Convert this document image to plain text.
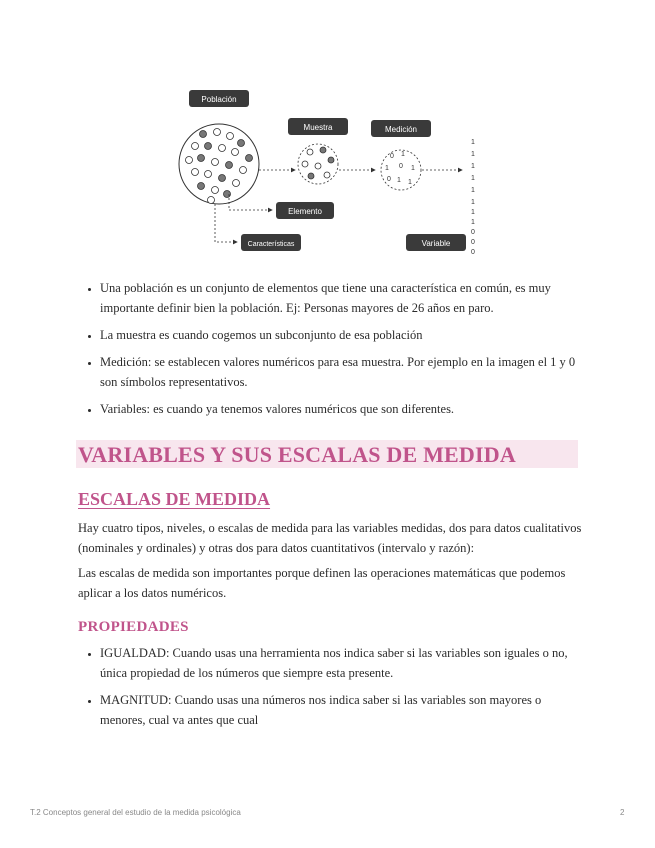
Población
Muestra	Medición
Elemento
Características	Variable
0 1
1 0 1
0 1 1
1
1
1
1
1
1
1
1
0
0
0
• Una población es un conjunto de elementos que tiene una característica en común, es muy importante definir bien la población. Ej: Personas mayores de 26 años en paro.
• La muestra es cuando cogemos un subconjunto de esa población
• Medición: se establecen valores numéricos para esa muestra. Por ejemplo en la imagen el 1 y 0 son símbolos representativos.
• Variables: es cuando ya tenemos valores numéricos que son diferentes.
VARIABLES Y SUS ESCALAS DE MEDIDA
ESCALAS DE MEDIDA

Hay cuatro tipos, niveles, o escalas de medida para las variables medidas, dos para datos cualitativos (nominales y ordinales) y otras dos para datos cuantitativos (intervalo y razón):

Las escalas de medida son importantes porque definen las operaciones matemáticas que podemos aplicar a los datos numéricos.

PROPIEDADES
• IGUALDAD: Cuando usas una herramienta nos indica saber si las variables son iguales o no, única propiedad de los números que siempre esta presente.
• MAGNITUD: Cuando usas una números nos indica saber si las variables son mayores o menores, cual va antes que cual
T.2 Conceptos general del estudio de la medida psicológica	2
